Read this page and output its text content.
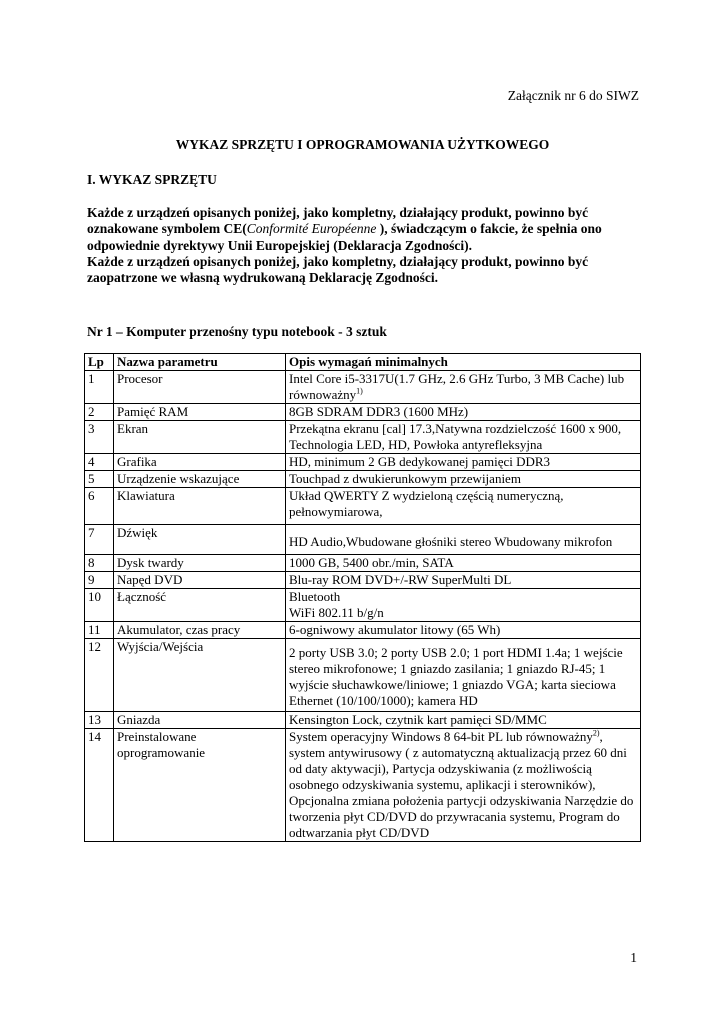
Załącznik nr 6 do SIWZ
WYKAZ SPRZĘTU I OPROGRAMOWANIA UŻYTKOWEGO
I. WYKAZ SPRZĘTU

Każde z urządzeń opisanych poniżej, jako kompletny, działający produkt, powinno być oznakowane symbolem CE(Conformité Européenne ), świadczącym o fakcie, że spełnia ono odpowiednie dyrektywy Unii Europejskiej (Deklaracja Zgodności).

Każde z urządzeń opisanych poniżej, jako kompletny, działający produkt, powinno być zaopatrzone we własną wydrukowaną Deklarację Zgodności.

Nr 1 – Komputer przenośny typu notebook - 3 sztuk
Lp	Nazwa parametru	Opis wymagań minimalnych
1	Procesor	Intel Core i5-3317U(1.7 GHz, 2.6 GHz Turbo, 3 MB Cache) lub równoważny$^{1)}$
2	Pamięć RAM	8GB SDRAM DDR3 (1600 MHz)
3	Ekran	Przekątna ekranu [cal] 17.3,Natywna rozdzielczość 1600 x 900, Technologia LED, HD, Powłoka antyrefleksyjna
4	Grafika	HD, minimum 2 GB dedykowanej pamięci DDR3
5	Urządzenie wskazujące	Touchpad z dwukierunkowym przewijaniem
6	Klawiatura	Układ QWERTY Z wydzieloną częścią numeryczną, pełnowymiarowa,
7	Dźwięk	HD Audio,Wbudowane głośniki stereo Wbudowany mikrofon
8	Dysk twardy	1000 GB, 5400 obr./min, SATA
9	Napęd DVD	Blu-ray ROM DVD+/-RW SuperMulti DL
10	Łączność	Bluetooth
WiFi 802.11 b/g/n

11	Akumulator, czas pracy	6-ogniwowy akumulator litowy (65 Wh)
12	Wyjścia/Wejścia	2 porty USB 3.0; 2 porty USB 2.0; 1 port HDMI 1.4a; 1 wejście stereo mikrofonowe; 1 gniazdo zasilania; 1 gniazdo RJ-45; 1 wyjście słuchawkowe/liniowe; 1 gniazdo VGA; karta sieciowa Ethernet (10/100/1000); kamera HD
13	Gniazda	Kensington Lock, czytnik kart pamięci SD/MMC
14	Preinstalowane oprogramowanie	System operacyjny Windows 8 64-bit PL lub równoważny$^{2)}$, system antywirusowy ( z automatyczną aktualizacją przez 60 dni od daty aktywacji), Partycja odzyskiwania (z możliwością osobnego odzyskiwania systemu, aplikacji i sterowników), Opcjonalna zmiana położenia partycji odzyskiwania Narzędzie do tworzenia płyt CD/DVD do przywracania systemu, Program do odtwarzania płyt CD/DVD
1
